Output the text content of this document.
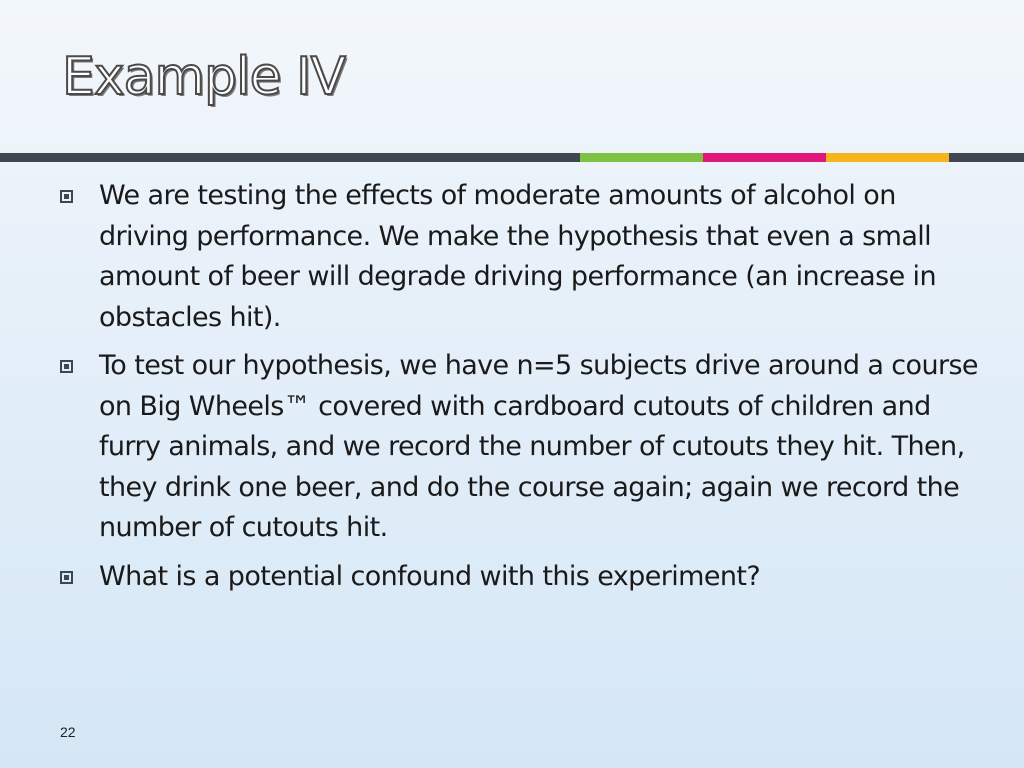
Example IV
We are testing the effects of moderate amounts of alcohol on driving performance. We make the hypothesis that even a small amount of beer will degrade driving performance (an increase in obstacles hit).
To test our hypothesis, we have n=5 subjects drive around a course on Big Wheels™ covered with cardboard cutouts of children and furry animals, and we record the number of cutouts they hit. Then, they drink one beer, and do the course again; again we record the number of cutouts hit.
What is a potential confound with this experiment?
22
